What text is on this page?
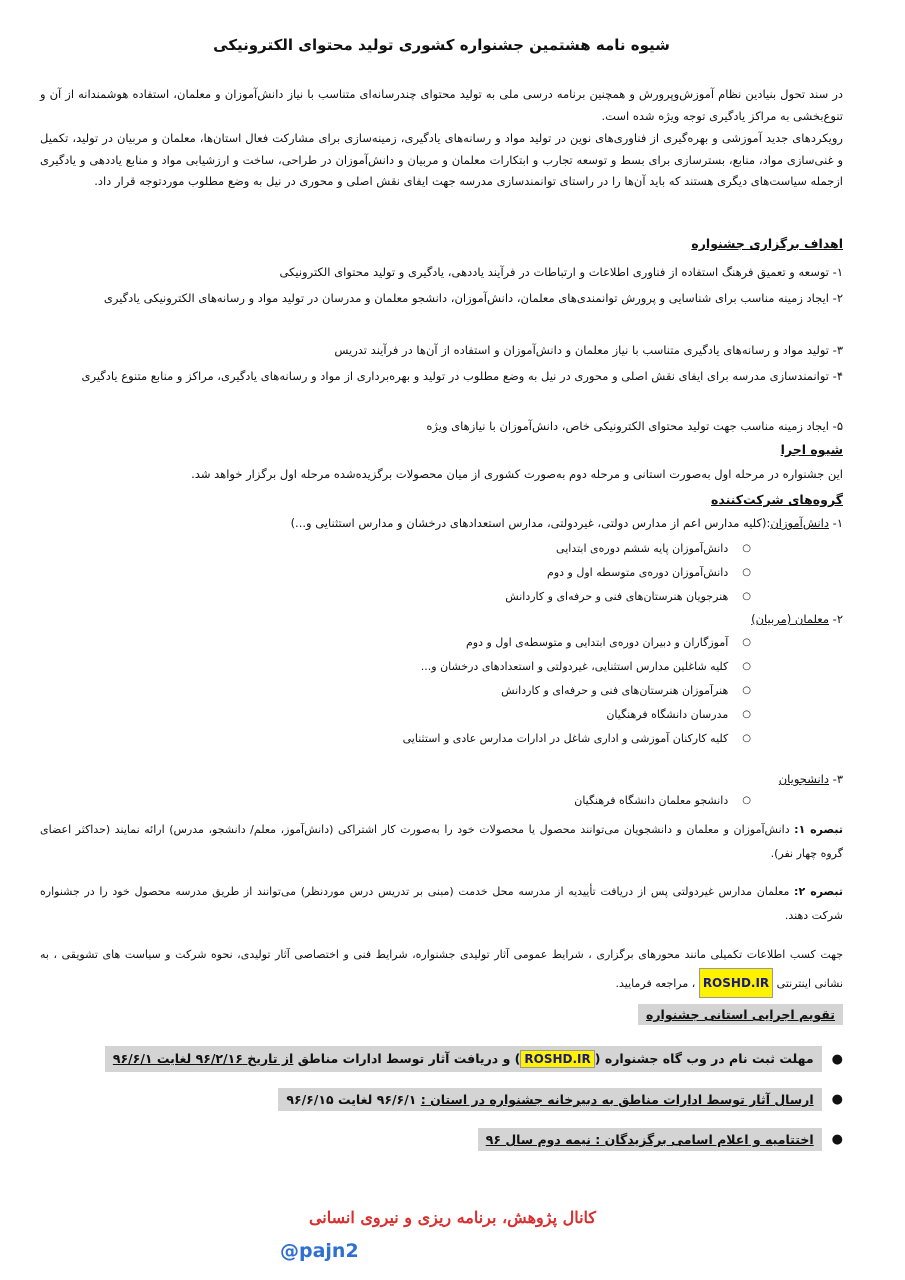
شیوه نامه هشتمین جشنواره کشوری تولید محتوای الکترونیکی

در سند تحول بنیادین نظام آموزش‌وپرورش و همچنین برنامه درسی ملی به تولید محتوای چندرسانه‌ای متناسب با نیاز دانش‌آموزان و معلمان، استفاده هوشمندانه از آن و تنوع‌بخشی به مراکز یادگیری توجه ویژه شده است.

رویکردهای جدید آموزشی و بهره‌گیری از فناوری‌های نوین در تولید مواد و رسانه‌های یادگیری، زمینه‌سازی برای مشارکت فعال استان‌ها، معلمان و مربیان در تولید، تکمیل و غنی‌سازی مواد، منابع، بسترسازی برای بسط و توسعه تجارب و ابتکارات معلمان و مربیان و دانش‌آموزان در طراحی، ساخت و ارزشیابی مواد و منابع یاددهی و یادگیری ازجمله سیاست‌های دیگری هستند که باید آن‌ها را در راستای توانمندسازی مدرسه جهت ایفای نقش اصلی و محوری در نیل به وضع مطلوب موردتوجه قرار داد.

اهداف برگزاری جشنواره

۱- توسعه و تعمیق فرهنگ استفاده از فناوری اطلاعات و ارتباطات در فرآیند یاددهی، یادگیری و تولید محتوای الکترونیکی

۲- ایجاد زمینه مناسب برای شناسایی و پرورش توانمندی‌های معلمان، دانش‌آموزان، دانشجو معلمان و مدرسان در تولید مواد و رسانه‌های الکترونیکی یادگیری

۳- تولید مواد و رسانه‌های یادگیری متناسب با نیاز معلمان و دانش‌آموزان و استفاده از آن‌ها در فرآیند تدریس

۴- توانمندسازی مدرسه برای ایفای نقش اصلی و محوری در نیل به وضع مطلوب در تولید و بهره‌برداری از مواد و رسانه‌های یادگیری، مراکز و منابع متنوع یادگیری

۵- ایجاد زمینه مناسب جهت تولید محتوای الکترونیکی خاص، دانش‌آموزان با نیازهای ویژه

شیوه اجرا

این جشنواره در مرحله اول به‌صورت استانی و مرحله دوم به‌صورت کشوری از میان محصولات برگزیده‌شده مرحله اول برگزار خواهد شد.

گروه‌های شرکت‌کننده

۱- دانش‌آموزان:(کلیه مدارس اعم از مدارس دولتی، غیردولتی، مدارس استعدادهای درخشان و مدارس استثنایی و...)

○
دانش‌آموزان پایه ششم دوره‌ی ابتدایی

○
دانش‌آموزان دوره‌ی متوسطه اول و دوم

○
هنرجویان هنرستان‌های فنی و حرفه‌ای و کاردانش

۲- معلمان (مربیان)

○
آموزگاران و دبیران دوره‌ی ابتدایی و متوسطه‌ی اول و دوم

○
کلیه شاغلین مدارس استثنایی، غیردولتی و استعدادهای درخشان و...

○
هنرآموزان هنرستان‌های فنی و حرفه‌ای و کاردانش

○
مدرسان دانشگاه فرهنگیان

○
کلیه کارکنان آموزشی و اداری شاغل در ادارات مدارس عادی و استثنایی

۳- دانشجویان

○
دانشجو معلمان دانشگاه فرهنگیان

تبصره ۱: دانش‌آموزان و معلمان و دانشجویان می‌توانند محصول یا محصولات خود را به‌صورت کار اشتراکی (دانش‌آموز، معلم/ دانشجو، مدرس) ارائه نمایند (حداکثر اعضای گروه چهار نفر).

تبصره ۲: معلمان مدارس غیردولتی پس از دریافت تأییدیه از مدرسه محل خدمت (مبنی بر تدریس درس موردنظر) می‌توانند از طریق مدرسه محصول خود را در جشنواره شرکت دهند.

جهت کسب اطلاعات تکمیلی مانند محورهای برگزاری ، شرایط عمومی آثار تولیدی جشنواره، شرایط فنی و اختصاصی آثار تولیدی، نحوه شرکت و سیاست های تشویقی ، به نشانی اینترنتی ROSHD.IR ، مراجعه فرمایید.

تقویم اجرایی استانی جشنواره
●
مهلت ثبت نام در وب گاه جشنواره (ROSHD.IR) و دریافت آثار توسط ادارات مناطق از تاریخ ۹۶/۲/۱۶ لغایت ۹۶/۶/۱
●
ارسال آثار توسط ادارات مناطق به دبیرخانه جشنواره در استان : ۹۶/۶/۱ لغایت ۹۶/۶/۱۵
●
اختتامیه و اعلام اسامی برگزیدگان : نیمه دوم سال ۹۶
کانال پژوهش، برنامه ریزی و نیروی انسانی
@pajn2
